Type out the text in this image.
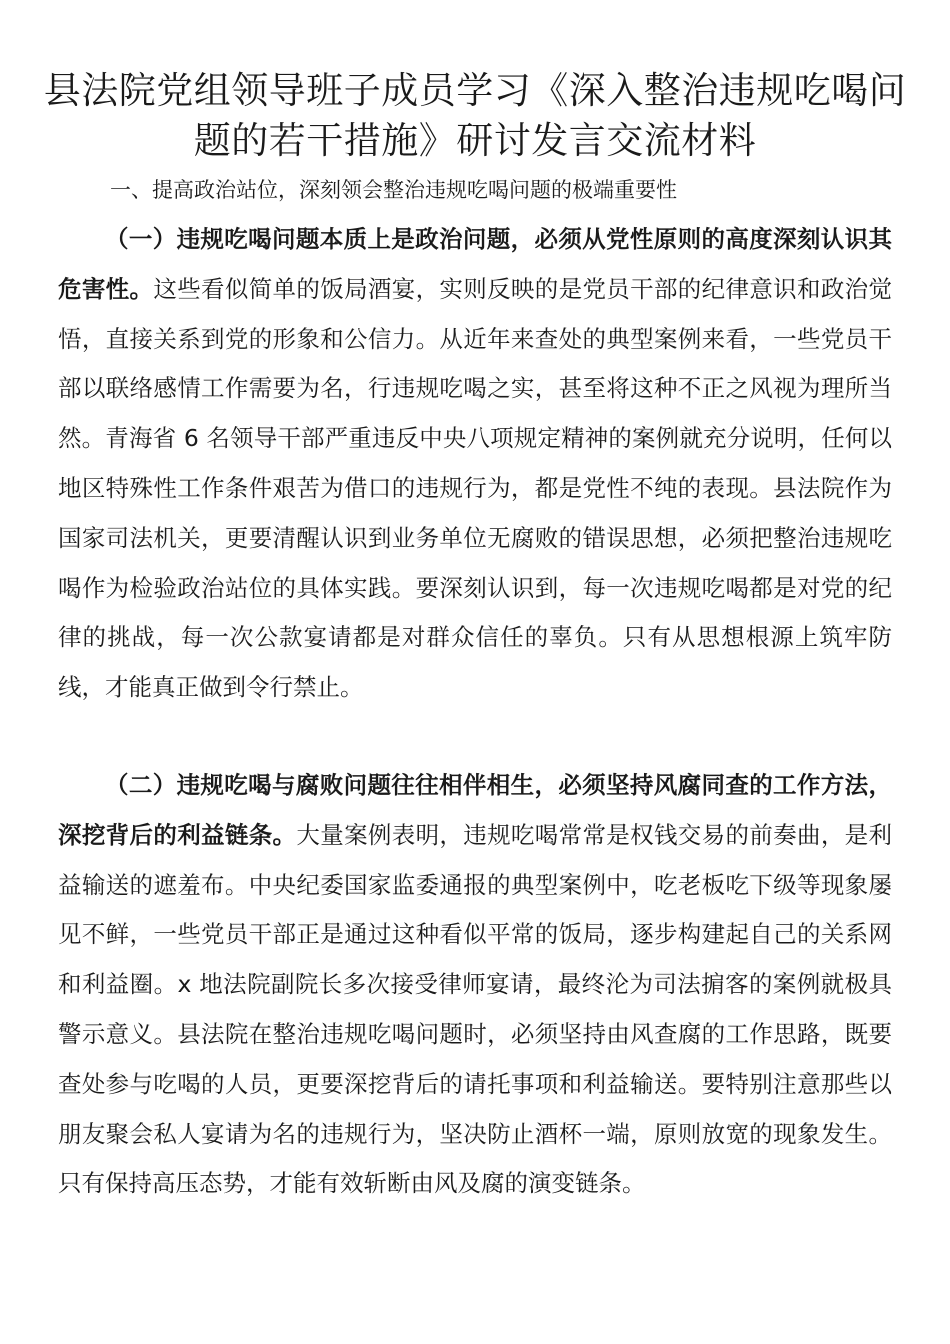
县法院党组领导班子成员学习《深入整治违规吃喝问题的若干措施》研讨发言交流材料

一、提高政治站位，深刻领会整治违规吃喝问题的极端重要性

（一）违规吃喝问题本质上是政治问题，必须从党性原则的高度深刻认识其危害性。这些看似简单的饭局酒宴，实则反映的是党员干部的纪律意识和政治觉悟，直接关系到党的形象和公信力。从近年来查处的典型案例来看，一些党员干部以联络感情工作需要为名，行违规吃喝之实，甚至将这种不正之风视为理所当然。青海省 6 名领导干部严重违反中央八项规定精神的案例就充分说明，任何以地区特殊性工作条件艰苦为借口的违规行为，都是党性不纯的表现。县法院作为国家司法机关，更要清醒认识到业务单位无腐败的错误思想，必须把整治违规吃喝作为检验政治站位的具体实践。要深刻认识到，每一次违规吃喝都是对党的纪律的挑战，每一次公款宴请都是对群众信任的辜负。只有从思想根源上筑牢防线，才能真正做到令行禁止。

（二）违规吃喝与腐败问题往往相伴相生，必须坚持风腐同查的工作方法，深挖背后的利益链条。大量案例表明，违规吃喝常常是权钱交易的前奏曲，是利益输送的遮羞布。中央纪委国家监委通报的典型案例中，吃老板吃下级等现象屡见不鲜，一些党员干部正是通过这种看似平常的饭局，逐步构建起自己的关系网和利益圈。x 地法院副院长多次接受律师宴请，最终沦为司法掮客的案例就极具警示意义。县法院在整治违规吃喝问题时，必须坚持由风查腐的工作思路，既要查处参与吃喝的人员，更要深挖背后的请托事项和利益输送。要特别注意那些以朋友聚会私人宴请为名的违规行为，坚决防止酒杯一端，原则放宽的现象发生。只有保持高压态势，才能有效斩断由风及腐的演变链条。
